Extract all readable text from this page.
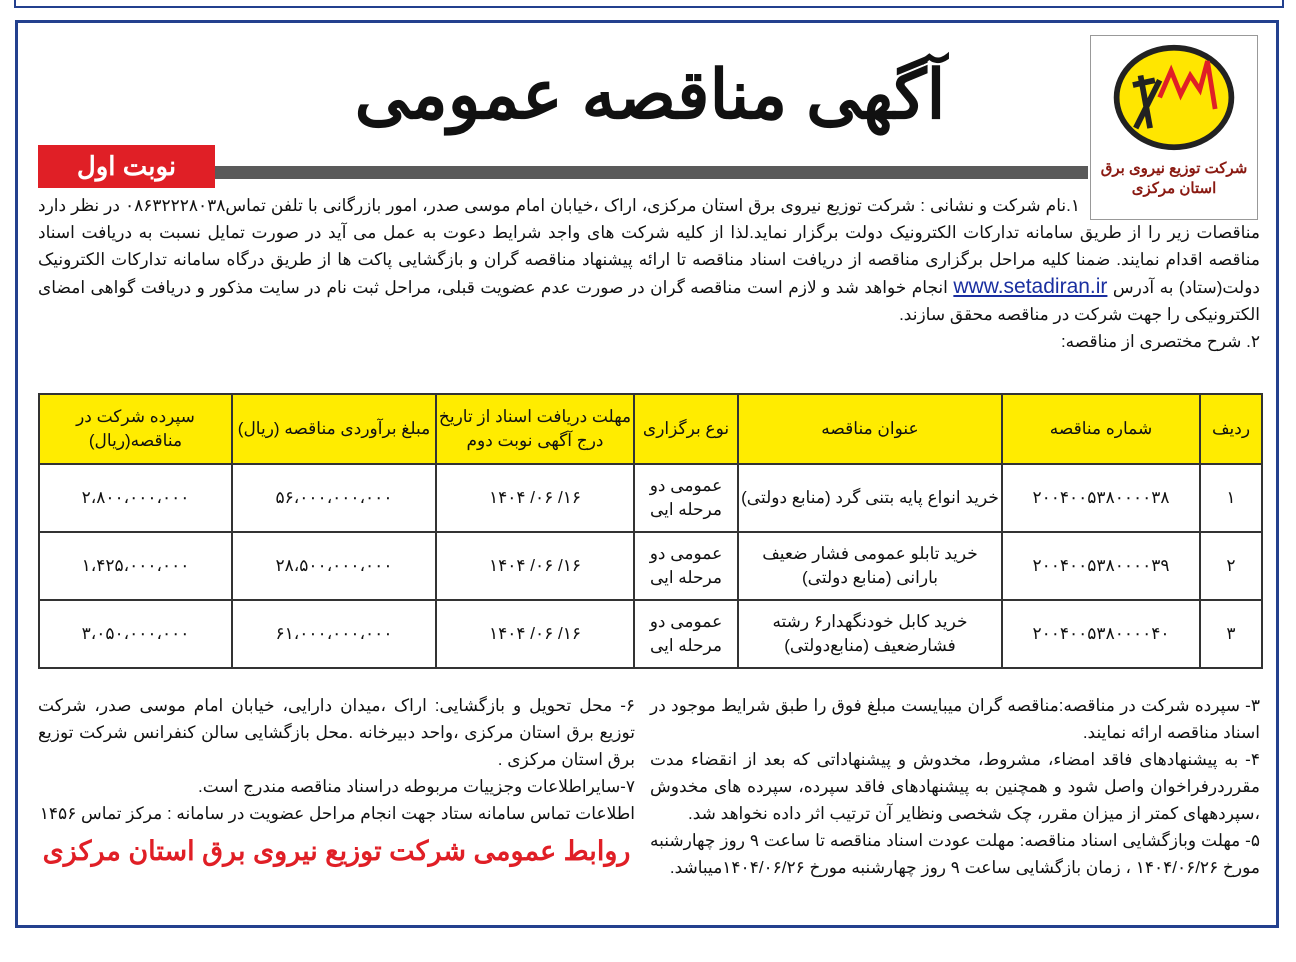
شرکت توزیع نیروی برق
استان مرکزی
آگهی مناقصه عمومی
نوبت اول
۱.نام شرکت و نشانی : شرکت توزیع نیروی برق استان مرکزی، اراک ،خیابان امام موسی صدر، امور بازرگانی با تلفن تماس۰۸۶۳۲۲۲۸۰۳۸ در نظر دارد مناقصات زیر را از طریق سامانه تدارکات الکترونیک دولت برگزار نماید.لذا از کلیه شرکت های واجد شرایط دعوت به عمل می آید در صورت تمایل نسبت به دریافت اسناد مناقصه اقدام نمایند. ضمنا کلیه مراحل برگزاری مناقصه از دریافت اسناد مناقصه تا ارائه پیشنهاد مناقصه گران و بازگشایی پاکت ها از طریق درگاه سامانه تدارکات الکترونیک دولت(ستاد) به آدرس www.setadiran.ir انجام خواهد شد و لازم است مناقصه گران در صورت عدم عضویت قبلی، مراحل ثبت نام در سایت مذکور و دریافت گواهی امضای الکترونیکی را جهت شرکت در مناقصه محقق سازند.
۲. شرح مختصری از مناقصه:
ردیف	شماره مناقصه	عنوان مناقصه	نوع برگزاری	مهلت دریافت اسناد از تاریخ درج آگهی نوبت دوم	مبلغ برآوردی مناقصه (ریال)	سپرده شرکت در مناقصه(ریال)
۱	۲۰۰۴۰۰۵۳۸۰۰۰۰۳۸	خرید انواع پایه بتنی گرد (منابع دولتی)	عمومی دو مرحله ایی	۱۶/ ۰۶/ ۱۴۰۴	۵۶،۰۰۰،۰۰۰،۰۰۰	۲،۸۰۰،۰۰۰،۰۰۰
۲	۲۰۰۴۰۰۵۳۸۰۰۰۰۳۹	خرید تابلو عمومی فشار ضعیف بارانی (منابع دولتی)	عمومی دو مرحله ایی	۱۶/ ۰۶/ ۱۴۰۴	۲۸،۵۰۰،۰۰۰،۰۰۰	۱،۴۲۵،۰۰۰،۰۰۰
۳	۲۰۰۴۰۰۵۳۸۰۰۰۰۴۰	خرید کابل خودنگهدار۶ رشته فشارضعیف (منابع‌دولتی)	عمومی دو مرحله ایی	۱۶/ ۰۶/ ۱۴۰۴	۶۱،۰۰۰،۰۰۰،۰۰۰	۳،۰۵۰،۰۰۰،۰۰۰
۳- سپرده شرکت در مناقصه:مناقصه گران میبایست مبلغ فوق را طبق شرایط موجود در اسناد مناقصه ارائه نمایند.
۴- به پیشنهادهای فاقد امضاء، مشروط، مخدوش و پیشنهاداتی که بعد از انقضاء مدت مقرردرفراخوان واصل شود و همچنین به پیشنهادهای فاقد سپرده، سپرده های مخدوش ،سپردههای کمتر از میزان مقرر، چک شخصی ونظایر آن ترتیب اثر داده نخواهد شد.
۵- مهلت وبازگشایی اسناد مناقصه: مهلت عودت اسناد مناقصه تا ساعت ۹ روز چهارشنبه مورخ ۱۴۰۴/۰۶/۲۶ ، زمان بازگشایی ساعت ۹ روز چهارشنبه مورخ ۱۴۰۴/۰۶/۲۶میباشد.
۶- محل تحویل و بازگشایی: اراک ،میدان دارایی، خیابان امام موسی صدر، شرکت توزیع برق استان مرکزی ،واحد دبیرخانه .محل بازگشایی سالن کنفرانس شرکت توزیع برق استان مرکزی .
۷-سایراطلاعات وجزییات مربوطه دراسناد مناقصه مندرج است.
اطلاعات تماس سامانه ستاد جهت انجام مراحل عضویت در سامانه : مرکز تماس ۱۴۵۶
روابط عمومی شرکت توزیع نیروی برق استان مرکزی
